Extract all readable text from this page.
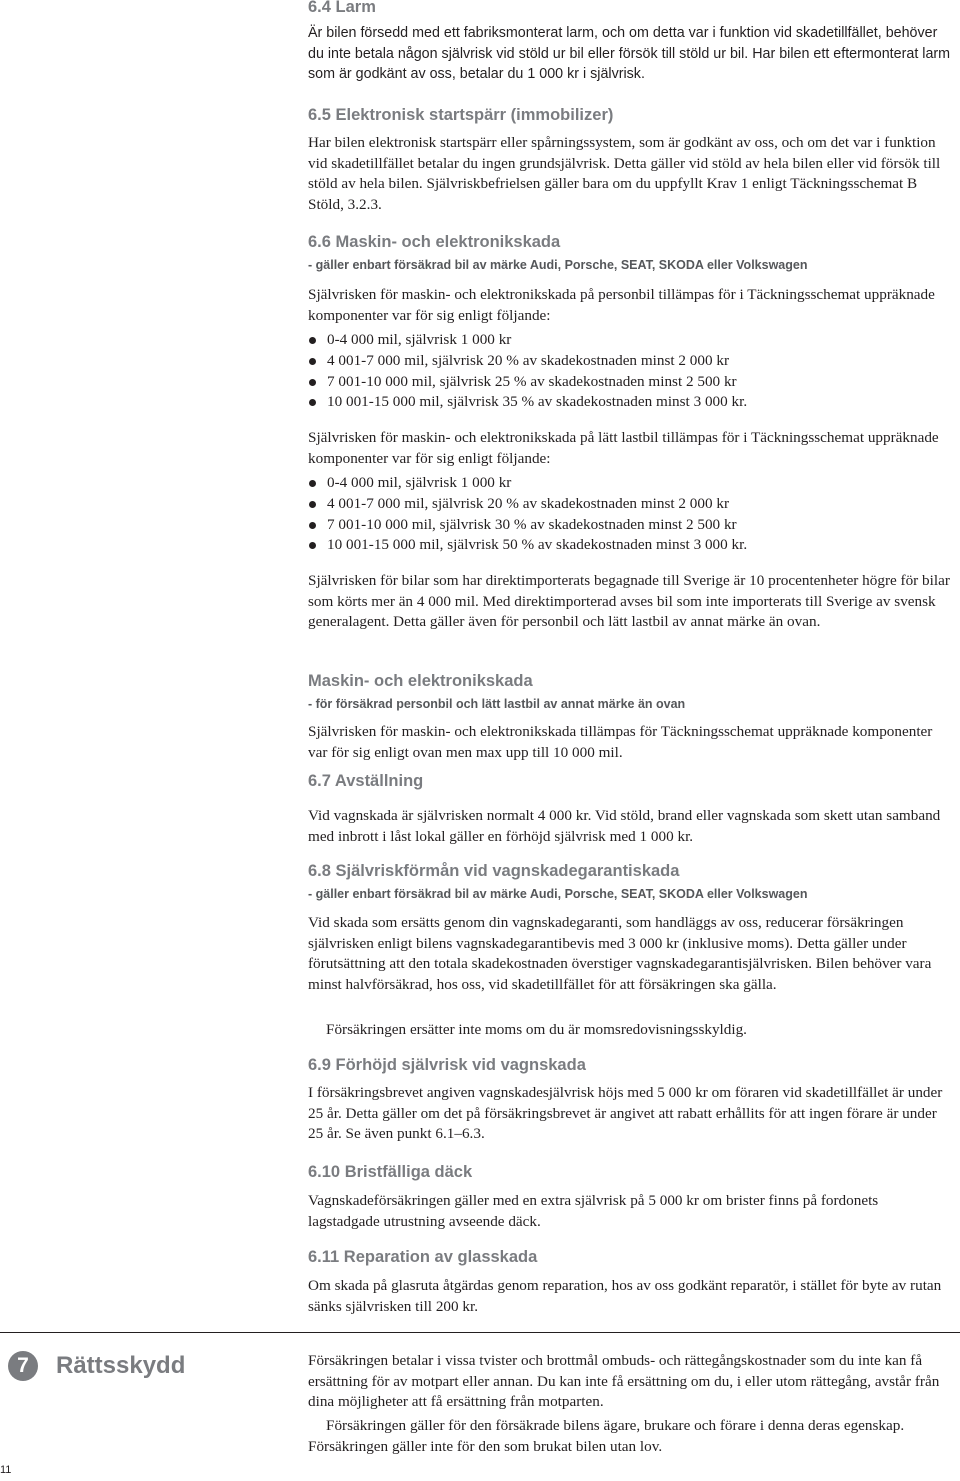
6.4 Larm

Är bilen försedd med ett fabriksmonterat larm, och om detta var i funktion vid skadetillfället, behöver du inte betala någon självrisk vid stöld ur bil eller försök till stöld ur bil. Har bilen ett eftermonterat larm som är godkänt av oss, betalar du 1 000 kr i självrisk.

6.5 Elektronisk startspärr (immobilizer)

Har bilen elektronisk startspärr eller spårningssystem, som är godkänt av oss, och om det var i funktion vid skadetillfället betalar du ingen grundsjälvrisk. Detta gäller vid stöld av hela bilen eller vid försök till stöld av hela bilen. Självriskbefrielsen gäller bara om du uppfyllt Krav 1 enligt Täckningsschemat B Stöld, 3.2.3.

6.6 Maskin- och elektronikskada

- gäller enbart försäkrad bil av märke Audi, Porsche, SEAT, SKODA eller Volkswagen

Självrisken för maskin- och elektronikskada på personbil tillämpas för i Täckningsschemat uppräknade komponenter var för sig enligt följande:

0-4 000 mil, självrisk 1 000 kr
4 001-7 000 mil, självrisk 20 % av skadekostnaden minst 2 000 kr
7 001-10 000 mil, självrisk 25 % av skadekostnaden minst 2 500 kr
10 001-15 000 mil, självrisk 35 % av skadekostnaden minst 3 000 kr.

Självrisken för maskin- och elektronikskada på lätt lastbil tillämpas för i Täckningsschemat uppräknade komponenter var för sig enligt följande:

0-4 000 mil, självrisk 1 000 kr
4 001-7 000 mil, självrisk 20 % av skadekostnaden minst 2 000 kr
7 001-10 000 mil, självrisk 30 % av skadekostnaden minst 2 500 kr
10 001-15 000 mil, självrisk 50 % av skadekostnaden minst 3 000 kr.

Självrisken för bilar som har direktimporterats begagnade till Sverige är 10 procentenheter högre för bilar som körts mer än 4 000 mil. Med direktimporterad avses bil som inte importerats till Sverige av svensk generalagent. Detta gäller även för personbil och lätt lastbil av annat märke än ovan.

Maskin- och elektronikskada

- för försäkrad personbil och lätt lastbil av annat märke än ovan

Självrisken för maskin- och elektronikskada tillämpas för Täckningsschemat uppräknade komponenter var för sig enligt ovan men max upp till 10 000 mil.

6.7 Avställning

Vid vagnskada är självrisken normalt 4 000 kr. Vid stöld, brand eller vagnskada som skett utan samband med inbrott i låst lokal gäller en förhöjd självrisk med 1 000 kr.

6.8 Självriskförmån vid vagnskadegarantiskada

- gäller enbart försäkrad bil av märke Audi, Porsche, SEAT, SKODA eller Volkswagen

Vid skada som ersätts genom din vagnskadegaranti, som handläggs av oss, reducerar försäkringen självrisken enligt bilens vagnskadegarantibevis med 3 000 kr (inklusive moms). Detta gäller under förutsättning att den totala skadekostnaden överstiger vagnskadegarantisjälvrisken. Bilen behöver vara minst halvförsäkrad, hos oss, vid skadetillfället för att försäkringen ska gälla.

Försäkringen ersätter inte moms om du är momsredovisningsskyldig.

6.9 Förhöjd självrisk vid vagnskada

I försäkringsbrevet angiven vagnskadesjälvrisk höjs med 5 000 kr om föraren vid skadetillfället är under 25 år. Detta gäller om det på försäkringsbrevet är angivet att rabatt erhållits för att ingen förare är under 25 år. Se även punkt 6.1–6.3.

6.10 Bristfälliga däck

Vagnskadeförsäkringen gäller med en extra självrisk på 5 000 kr om brister finns på fordonets lagstadgade utrustning avseende däck.

6.11 Reparation av glasskada

Om skada på glasruta åtgärdas genom reparation, hos av oss godkänt reparatör, i stället för byte av rutan sänks självrisken till 200 kr.

7	Rättsskydd	Försäkringen betalar i vissa tvister och brottmål ombuds- och rättegångskostnader som du inte kan få ersättning för av motpart eller annan. Du kan inte få ersättning om du, i eller utom rättegång, avstår från dina möjligheter att få ersättning från motparten.

Försäkringen gäller för den försäkrade bilens ägare, brukare och förare i denna deras egenskap. Försäkringen gäller inte för den som brukat bilen utan lov.

11
